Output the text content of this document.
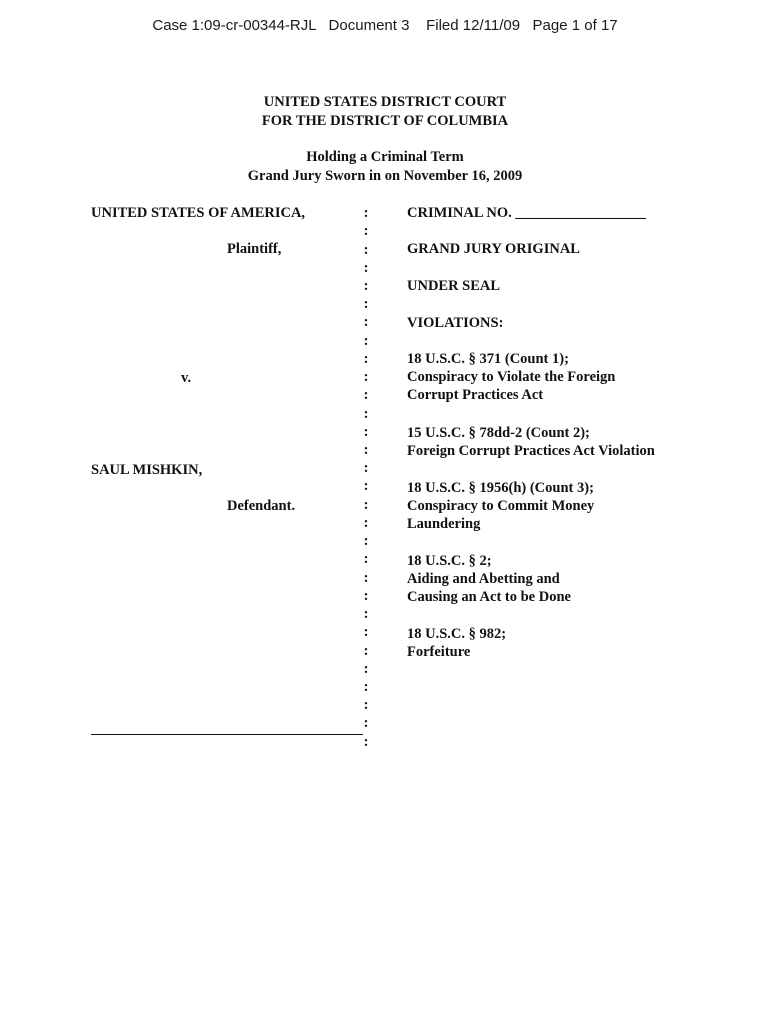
Case 1:09-cr-00344-RJL   Document 3    Filed 12/11/09   Page 1 of 17
UNITED STATES DISTRICT COURT
FOR THE DISTRICT OF COLUMBIA
Holding a Criminal Term
Grand Jury Sworn in on November 16, 2009
UNITED STATES OF AMERICA,
Plaintiff,
v.
SAUL MISHKIN,
Defendant.
:
:
:
:
:
:
:
:
:
:
:
:
:
:
:
:
:
:
:
:
:
:
:
:
:
:
:
:
:
:
CRIMINAL NO. __________________
GRAND JURY ORIGINAL
UNDER SEAL
VIOLATIONS:
18 U.S.C. § 371 (Count 1);
Conspiracy to Violate the Foreign
Corrupt Practices Act
15 U.S.C. § 78dd-2 (Count 2);
Foreign Corrupt Practices Act Violation
18 U.S.C. § 1956(h) (Count 3);
Conspiracy to Commit Money
Laundering
18 U.S.C. § 2;
Aiding and Abetting and
Causing an Act to be Done
18 U.S.C. § 982;
Forfeiture
